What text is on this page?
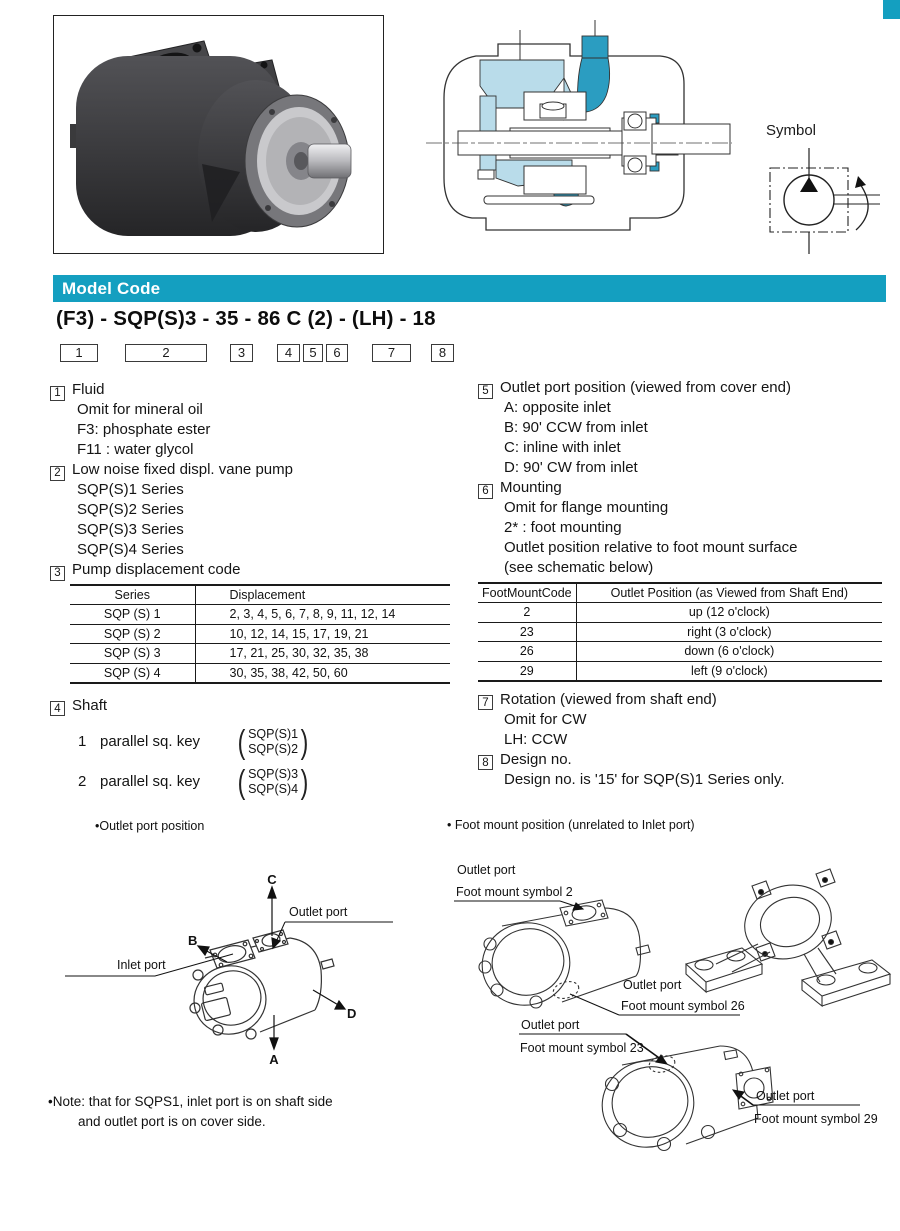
Symbol
Model Code
(F3) - SQP(S)3 - 35 - 86 C (2) - (LH) - 18
1	2	3	4	5	6	7	8
1 Fluid
Omit for mineral oil
F3: phosphate ester
F11 : water glycol
2 Low noise fixed displ. vane pump
SQP(S)1 Series
SQP(S)2 Series
SQP(S)3 Series
SQP(S)4 Series
3 Pump displacement code
Series	Displacement
SQP (S) 1	2, 3, 4, 5, 6, 7, 8, 9, 11, 12, 14
SQP (S) 2	10, 12, 14, 15, 17, 19, 21
SQP (S) 3	17, 21, 25, 30, 32, 35, 38
SQP (S) 4	30, 35, 38, 42, 50, 60
4 Shaft
1 parallel sq. key ( SQP(S)1
SQP(S)2 )
2 parallel sq. key ( SQP(S)3
SQP(S)4 )
5 Outlet port position (viewed from cover end)
A: opposite inlet
B: 90' CCW from inlet
C: inline with inlet
D: 90' CW from inlet
6 Mounting
Omit for flange mounting
2* : foot mounting
Outlet position relative to foot mount surface
(see schematic below)
FootMountCode	Outlet Position (as Viewed from Shaft End)
2	up (12 o'clock)
23	right (3 o'clock)
26	down (6 o'clock)
29	left (9 o'clock)
7 Rotation (viewed from shaft end)
Omit for CW
LH: CCW
8 Design no.
Design no. is '15' for SQP(S)1 Series only.
•Outlet port position
C
Outlet port
B
Inlet port
D
A
•Note: that for SQPS1, inlet port is on shaft side
and outlet port is on cover side.
• Foot mount position (unrelated to Inlet port)
Outlet port
Foot mount symbol 2
Outlet port
Foot mount symbol 26
Outlet port
Foot mount symbol 23
Outlet port
Foot mount symbol 29
